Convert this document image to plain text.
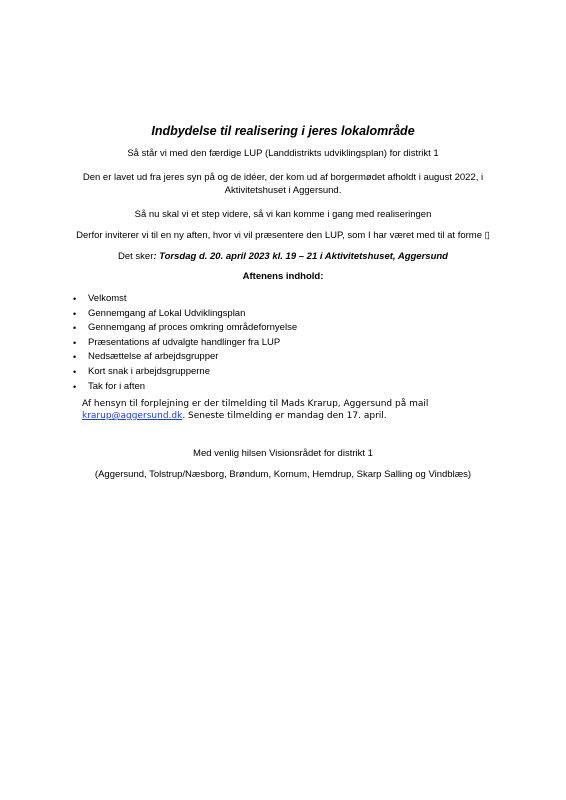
Indbydelse til realisering i jeres lokalområde
Så står vi med den færdige LUP (Landdistrikts udviklingsplan) for distrikt 1
Den er lavet ud fra jeres syn på og de idéer, der kom ud af borgermødet afholdt i august 2022, i
Aktivitetshuset i Aggersund.
Så nu skal vi et step videre, så vi kan komme i gang med realiseringen
Derfor inviterer vi til en ny aften, hvor vi vil præsentere den LUP, som I har været med til at forme ▯
Det sker: Torsdag d. 20. april 2023 kl. 19 – 21 i Aktivitetshuset, Aggersund
Aftenens indhold:
• Velkomst
• Gennemgang af Lokal Udviklingsplan
• Gennemgang af proces omkring områdefornyelse
• Præsentations af udvalgte handlinger fra LUP
• Nedsættelse af arbejdsgrupper
• Kort snak i arbejdsgrupperne
• Tak for i aften
Af hensyn til forplejning er der tilmelding til Mads Krarup, Aggersund på mail
krarup@aggersund.dk. Seneste tilmelding er mandag den 17. april.
Med venlig hilsen Visionsrådet for distrikt 1
(Aggersund, Tolstrup/Næsborg, Brøndum, Kornum, Hemdrup, Skarp Salling og Vindblæs)
